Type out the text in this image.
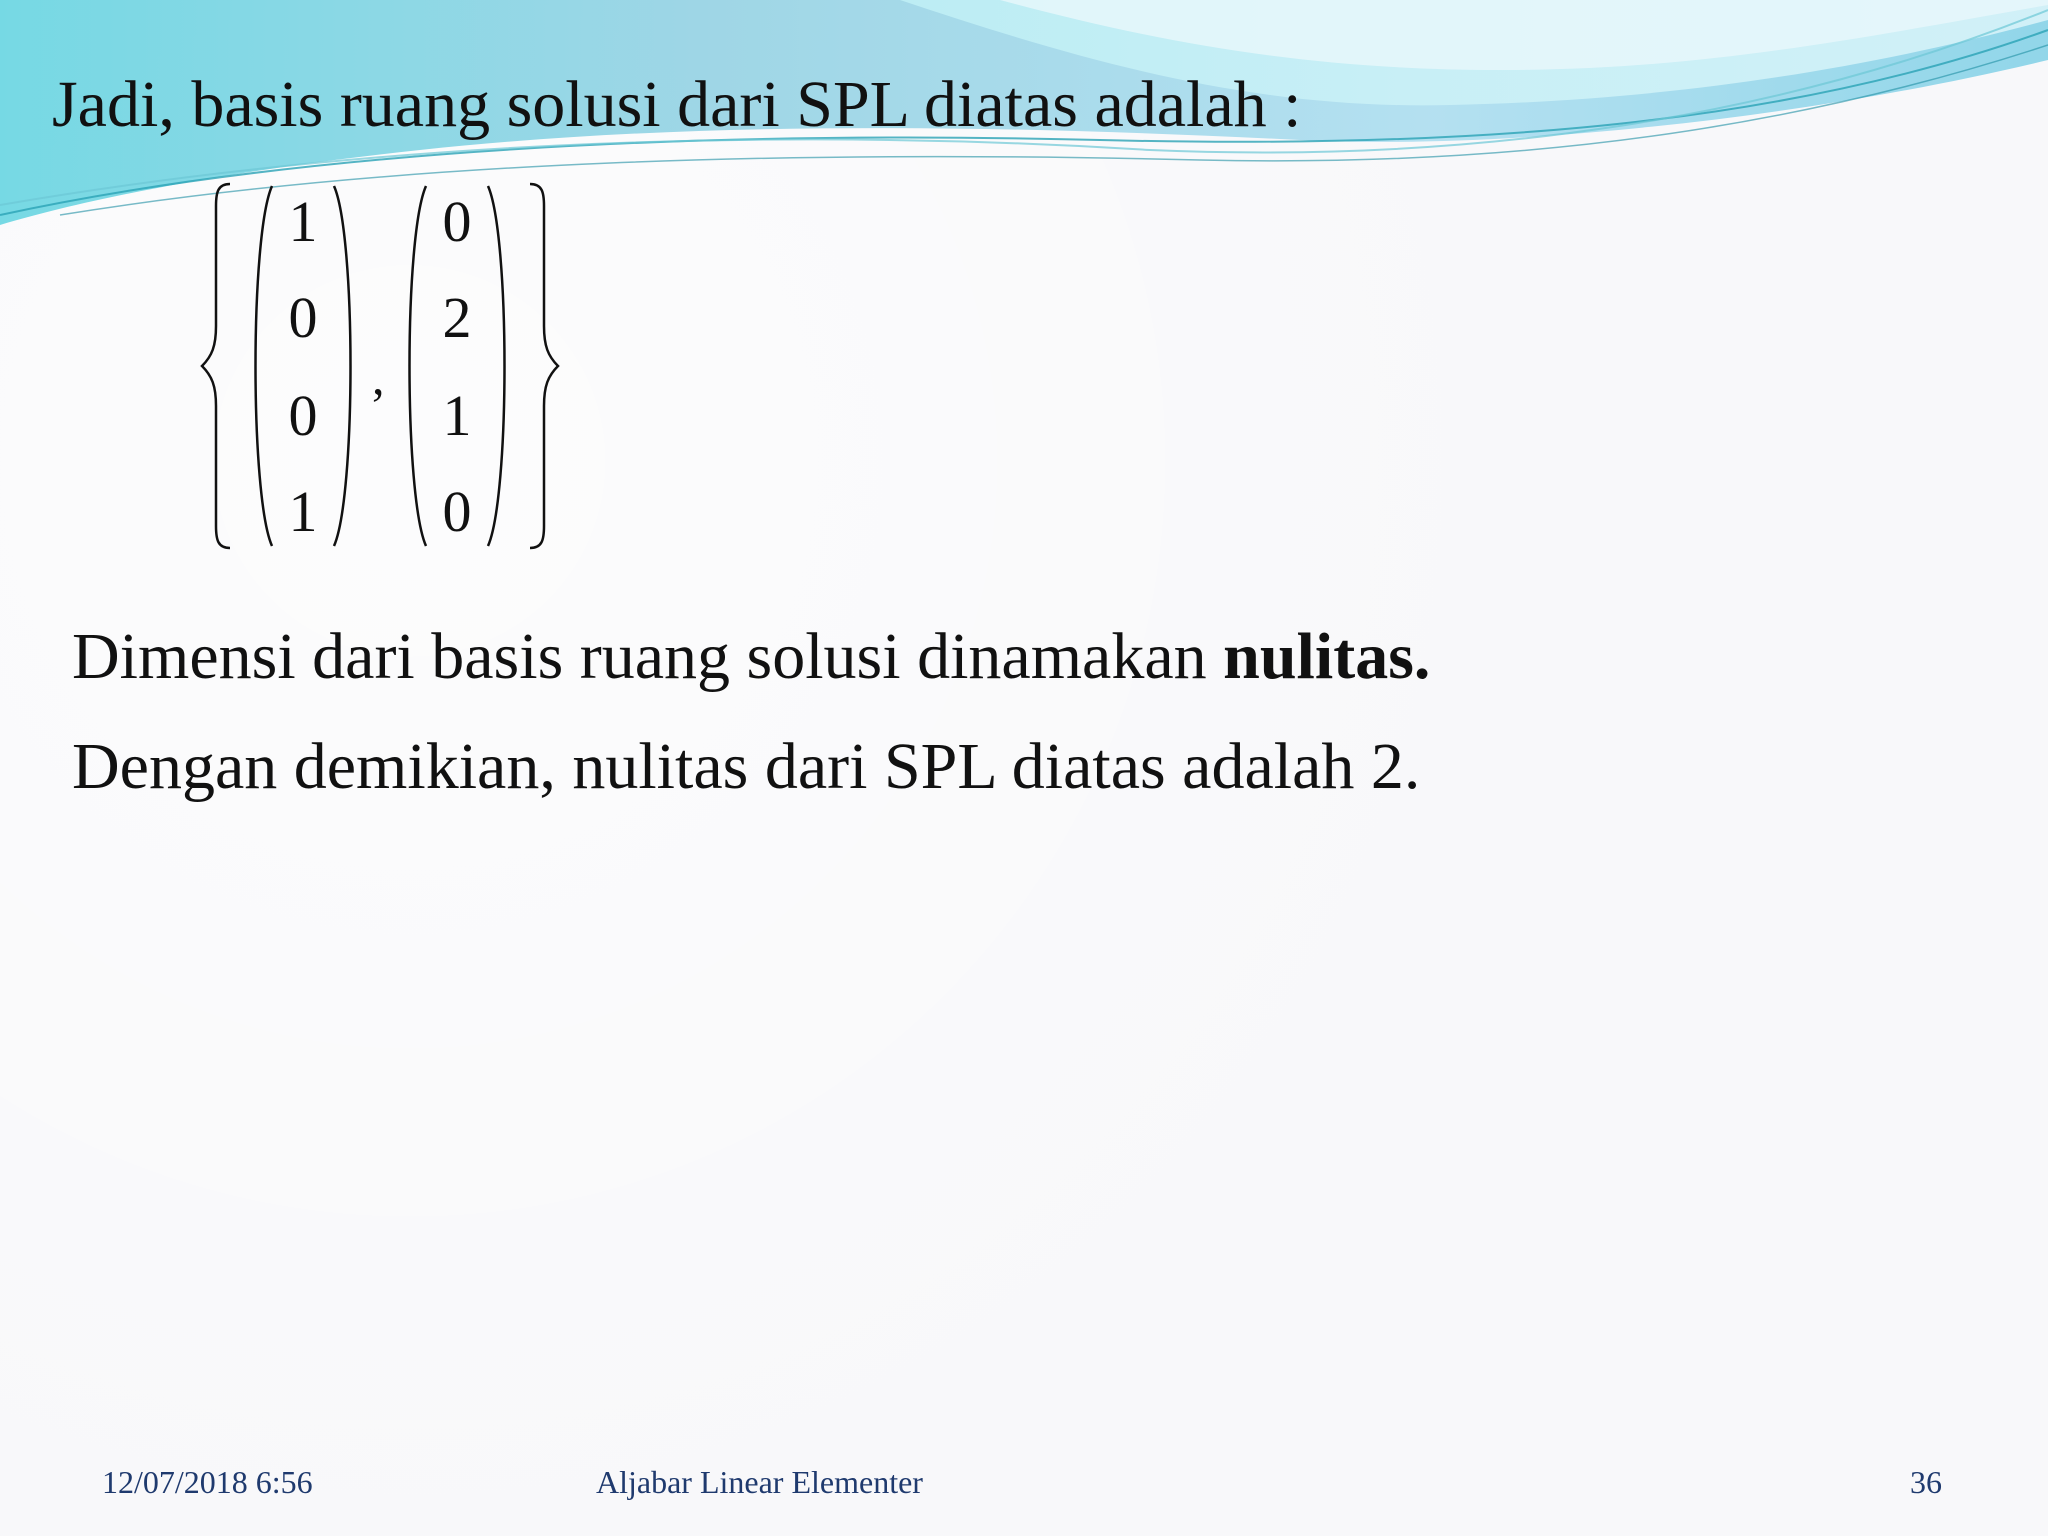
Jadi, basis ruang solusi dari SPL diatas adalah :
1
0
0
1
,
0
2
1
0
Dimensi dari basis ruang solusi dinamakan nulitas.
Dengan demikian, nulitas dari SPL diatas adalah 2.
12/07/2018 6:56	Aljabar Linear Elementer	36
